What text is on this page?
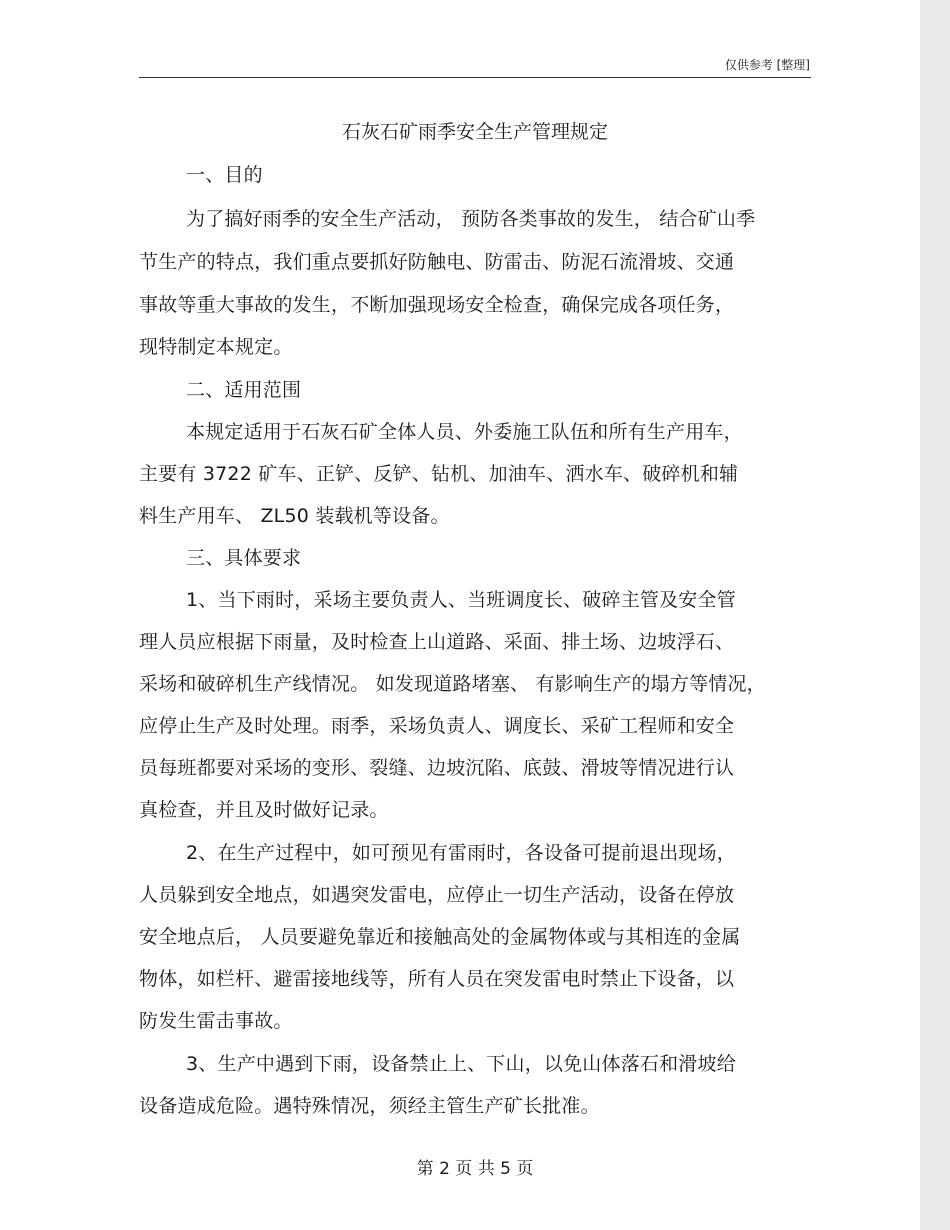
仅供参考 [整理]
石灰石矿雨季安全生产管理规定
一、目的
为了搞好雨季的安全生产活动， 预防各类事故的发生， 结合矿山季
节生产的特点，我们重点要抓好防触电、防雷击、防泥石流滑坡、交通
事故等重大事故的发生，不断加强现场安全检查，确保完成各项任务，
现特制定本规定。
二、适用范围
本规定适用于石灰石矿全体人员、外委施工队伍和所有生产用车，
主要有 3722 矿车、正铲、反铲、钻机、加油车、洒水车、破碎机和辅
料生产用车、 ZL50 装载机等设备。
三、具体要求
1、当下雨时，采场主要负责人、当班调度长、破碎主管及安全管
理人员应根据下雨量，及时检查上山道路、采面、排土场、边坡浮石、
采场和破碎机生产线情况。 如发现道路堵塞、 有影响生产的塌方等情况，
应停止生产及时处理。雨季，采场负责人、调度长、采矿工程师和安全
员每班都要对采场的变形、裂缝、边坡沉陷、底鼓、滑坡等情况进行认
真检查，并且及时做好记录。
2、在生产过程中，如可预见有雷雨时，各设备可提前退出现场，
人员躲到安全地点，如遇突发雷电，应停止一切生产活动，设备在停放
安全地点后， 人员要避免靠近和接触高处的金属物体或与其相连的金属
物体，如栏杆、避雷接地线等，所有人员在突发雷电时禁止下设备，以
防发生雷击事故。
3、生产中遇到下雨，设备禁止上、下山，以免山体落石和滑坡给
设备造成危险。遇特殊情况，须经主管生产矿长批准。
第 2 页 共 5 页
